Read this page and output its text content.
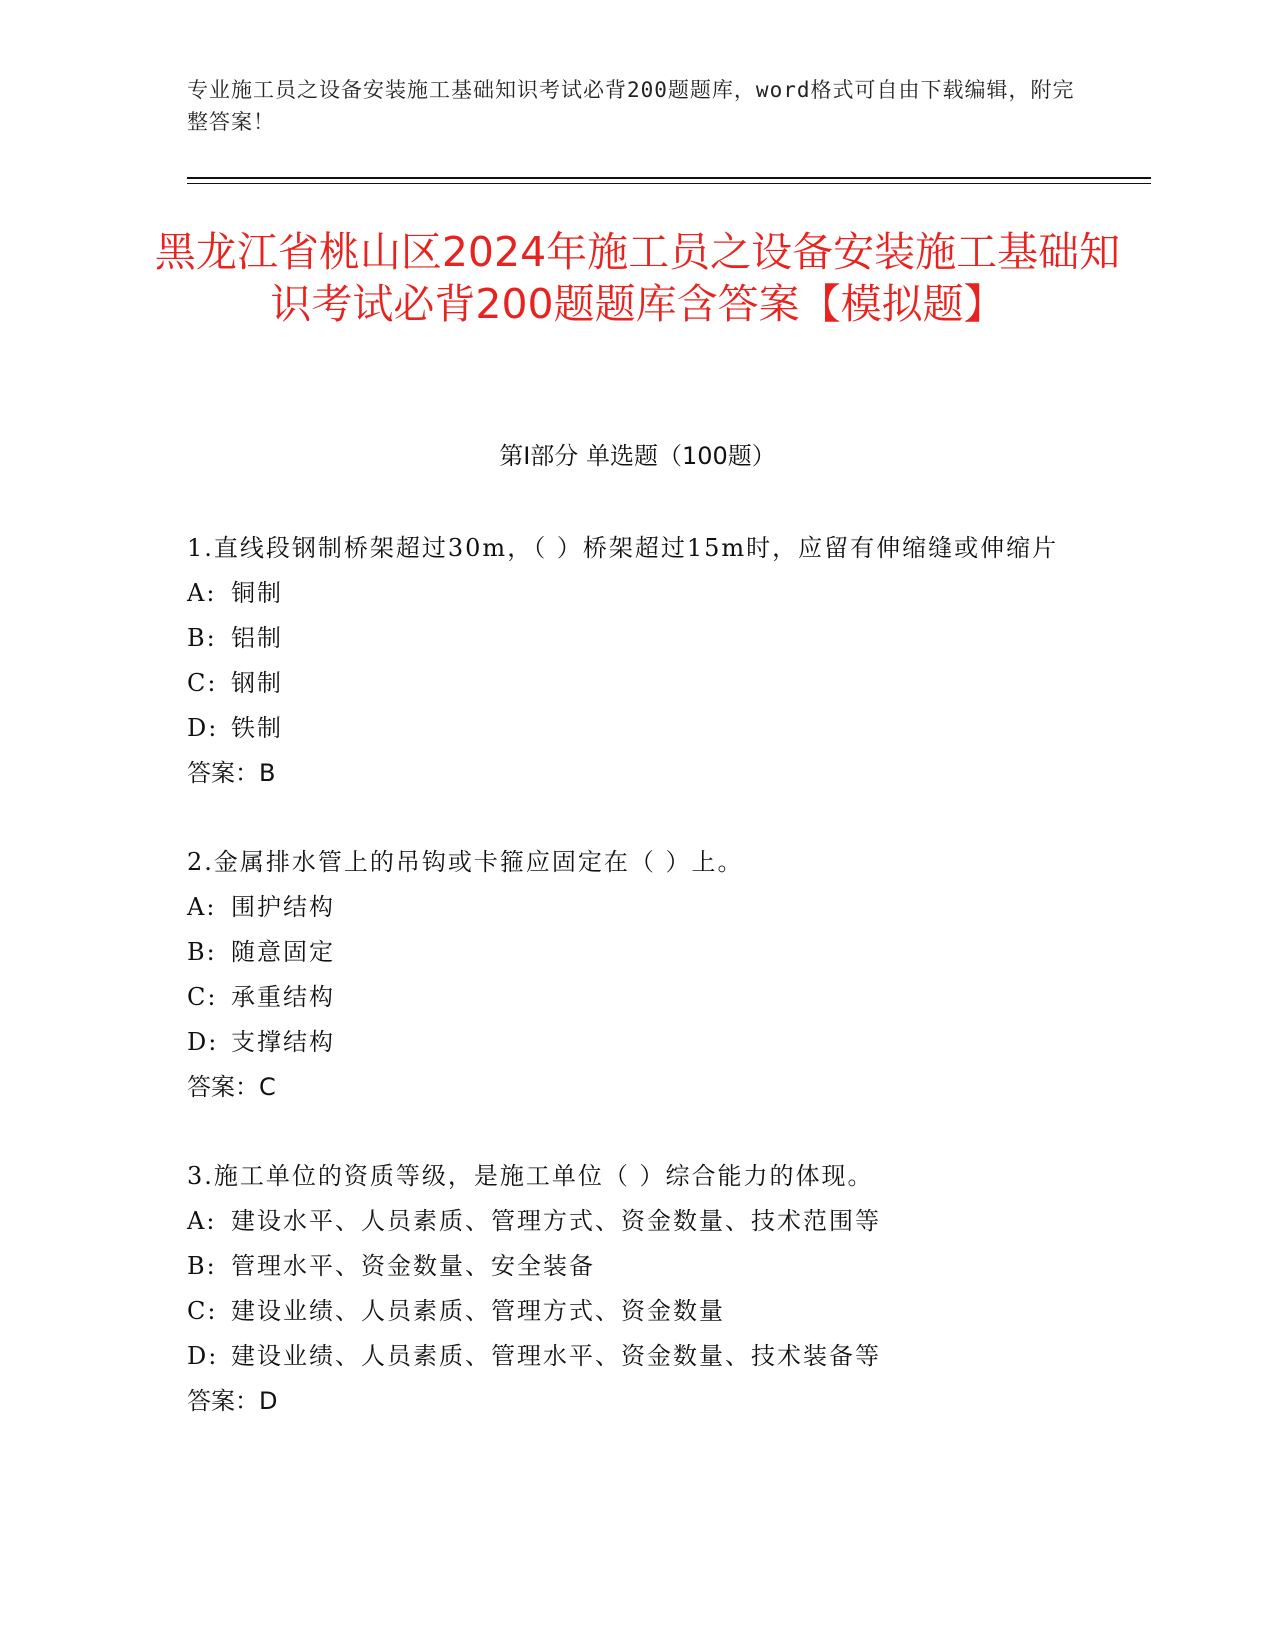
专业施工员之设备安装施工基础知识考试必背200题题库，word格式可自由下载编辑，附完整答案！
黑龙江省桃山区2024年施工员之设备安装施工基础知识考试必背200题题库含答案【模拟题】
第I部分 单选题（100题）

1.直线段钢制桥架超过30m，（ ）桥架超过15m时，应留有伸缩缝或伸缩片

A: 铜制
B: 铝制
C: 钢制
D: 铁制
答案：B

2.金属排水管上的吊钩或卡箍应固定在（ ）上。

A: 围护结构
B: 随意固定
C: 承重结构
D: 支撑结构
答案：C

3.施工单位的资质等级，是施工单位（ ）综合能力的体现。

A: 建设水平、人员素质、管理方式、资金数量、技术范围等
B: 管理水平、资金数量、安全装备
C: 建设业绩、人员素质、管理方式、资金数量
D: 建设业绩、人员素质、管理水平、资金数量、技术装备等
答案：D
